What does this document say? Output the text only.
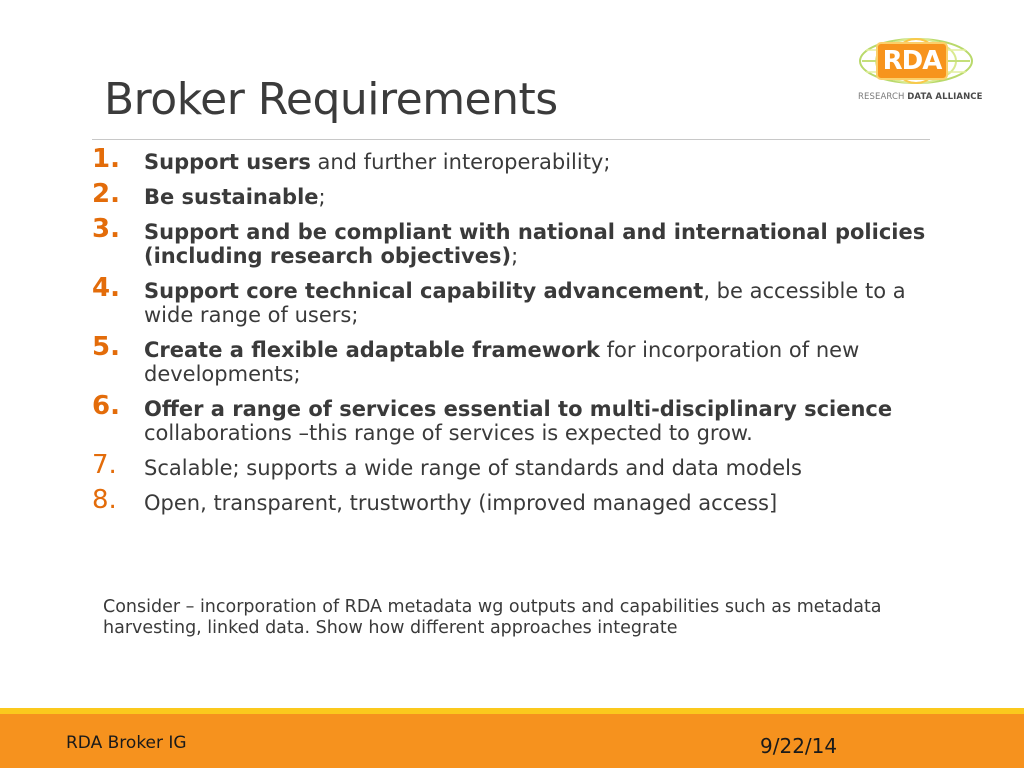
Broker Requirements
RDA
RESEARCH DATA ALLIANCE
1. Support users and further interoperability;
2. Be sustainable;
3. Support and be compliant with national and international policies (including research objectives);
4. Support core technical capability advancement, be accessible to a wide range of users;
5. Create a flexible adaptable framework for incorporation of new developments;
6. Offer a range of services essential to multi-disciplinary science collaborations –this range of services is expected to grow.
7. Scalable; supports a wide range of standards and data models
8. Open, transparent, trustworthy (improved managed access]
Consider – incorporation of RDA metadata wg outputs and capabilities such as metadata harvesting, linked data. Show how different approaches integrate
RDA Broker IG	9/22/14
